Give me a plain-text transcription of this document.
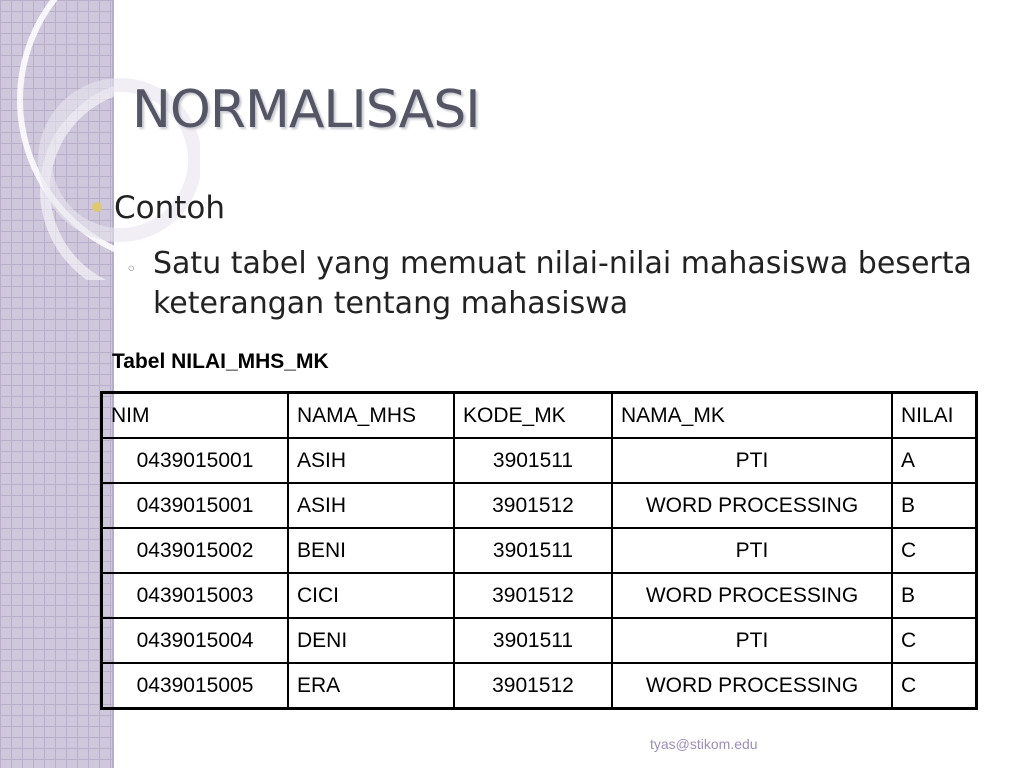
NORMALISASI
Contoh
◦ Satu tabel yang memuat nilai-nilai mahasiswa beserta keterangan tentang mahasiswa
Tabel NILAI_MHS_MK
NIM	NAMA_MHS	KODE_MK	NAMA_MK	NILAI
0439015001	ASIH	3901511	PTI	A
0439015001	ASIH	3901512	WORD PROCESSING	B
0439015002	BENI	3901511	PTI	C
0439015003	CICI	3901512	WORD PROCESSING	B
0439015004	DENI	3901511	PTI	C
0439015005	ERA	3901512	WORD PROCESSING	C
tyas@stikom.edu
